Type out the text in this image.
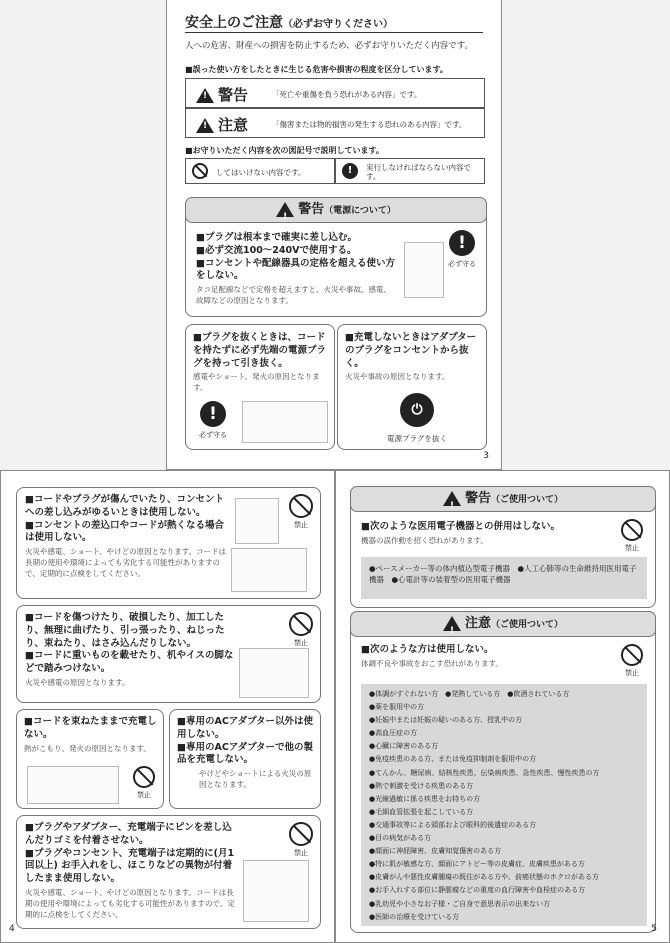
安全上のご注意（必ずお守りください）
人への危害、財産への損害を防止するため、必ずお守りいただく内容です。
■誤った使い方をしたときに生じる危害や損害の程度を区分しています。
!警告	「死亡や重傷を負う恐れがある内容」です。
!注意	「傷害または物的損害の発生する恐れのある内容」です。
■お守りいただく内容を次の図記号で説明しています。
してはいけない内容です。	!	実行しなければならない内容です。
!警告（電源について）
■プラグは根本まで確実に差し込む。
■必ず交流100〜240Vで使用する。
■コンセントや配線器具の定格を超える使い方をしない。
タコ足配線などで定格を超えますと、火災や事故、感電、故障などの原因となります。
!
必ず守る
■プラグを抜くときは、コードを持たずに必ず先端の電源プラグを持って引き抜く。
感電やショート、発火の原因となります。
!
必ず守る
■充電しないときはアダプターのプラグをコンセントから抜く。
火災や事故の原因となります。
⏻
電源プラグを抜く
3
■コードやプラグが傷んでいたり、コンセントへの差し込みがゆるいときは使用しない。
■コンセントの差込口やコードが熱くなる場合は使用しない。
火災や感電、ショート、やけどの原因となります。コードは長期の使用や環境によっても劣化する可能性がありますので、定期的に点検をしてください。
禁止
■コードを傷つけたり、破損したり、加工したり、無理に曲げたり、引っ張ったり、ねじったり、束ねたり、はさみ込んだりしない。
■コードに重いものを載せたり、机やイスの脚などで踏みつけない。
火災や感電の原因となります。
禁止
■コードを束ねたままで充電しない。
熱がこもり、発火の原因となります。
禁止
■専用のACアダプター以外は使用しない。
■専用のACアダプターで他の製品を充電しない。
やけどやショートによる火災の原因となります。
■プラグやアダプター、充電端子にピンを差し込んだりゴミを付着させない。
■プラグやコンセント、充電端子は定期的に(月1回以上) お手入れをし、ほこりなどの異物が付着したまま使用しない。
火災や感電、ショート、やけどの原因となります。コードは長期の使用や環境によっても劣化する可能性がありますので、定期的に点検をしてください。
禁止
4
!警告（ご使用ついて）
■次のような医用電子機器との併用はしない。
機器の誤作動を招く恐れがあります。
禁止
●ペースメーカー等の体内植込型電子機器　●人工心肺等の生命維持用医用電子機器　●心電計等の装着型の医用電子機器
!注意（ご使用ついて）
■次のような方は使用しない。
体調不良や事故をおこす恐れがあります。
禁止
●体調がすぐれない方　●発熱している方　●飲酒されている方
●薬を服用中の方
●妊娠中または妊娠の疑いのある方、授乳中の方
●高血圧症の方
●心臓に障害のある方
●免疫疾患のある方、または免疫抑制剤を服用中の方
●てんかん、糖尿病、結核性疾患、伝染病疾患、急性疾患、慢性疾患の方
●熱で刺激を受ける疾患のある方
●光線過敏に係る疾患をお持ちの方
●毛細血管拡張を起こしている方
●交通事故等による頭部および眼科的後遺症のある方
●目の病気がある方
●顔面に神経障害、皮膚知覚傷害のある方
●特に肌が敏感な方、顔面にアトピー等の皮膚症、皮膚疾患がある方
●皮膚がんや悪性皮膚腫瘍の既往がある方や、前癌状態のホクロがある方
●お手入れする部位に静脈瘤などの重度の血行障害や血栓症のある方
●乳幼児や小さなお子様・ご自身で意思表示の出来ない方
●医師の治療を受けている方
5
